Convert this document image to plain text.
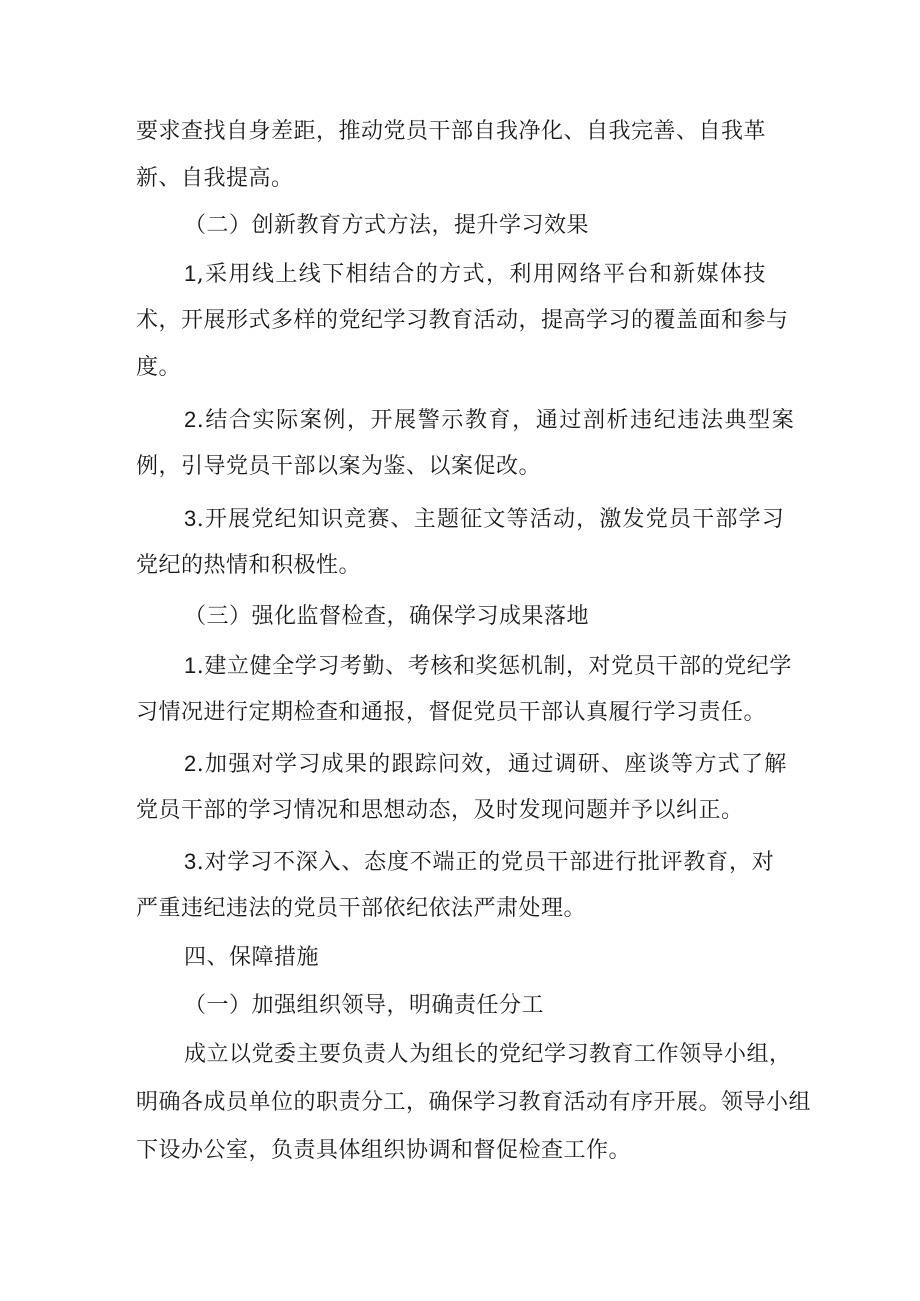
要求查找自身差距，推动党员干部自我净化、自我完善、自我革
新、自我提高。
（二）创新教育方式方法，提升学习效果
1,采用线上线下相结合的方式，利用网络平台和新媒体技
术，开展形式多样的党纪学习教育活动，提高学习的覆盖面和参与
度。
2.结合实际案例，开展警示教育，通过剖析违纪违法典型案
例，引导党员干部以案为鉴、以案促改。
3.开展党纪知识竞赛、主题征文等活动，激发党员干部学习
党纪的热情和积极性。
（三）强化监督检查，确保学习成果落地
1.建立健全学习考勤、考核和奖惩机制，对党员干部的党纪学
习情况进行定期检查和通报，督促党员干部认真履行学习责任。
2.加强对学习成果的跟踪问效，通过调研、座谈等方式了解
党员干部的学习情况和思想动态，及时发现问题并予以纠正。
3.对学习不深入、态度不端正的党员干部进行批评教育，对
严重违纪违法的党员干部依纪依法严肃处理。
四、保障措施
（一）加强组织领导，明确责任分工
成立以党委主要负责人为组长的党纪学习教育工作领导小组，
明确各成员单位的职责分工，确保学习教育活动有序开展。领导小组
下设办公室，负责具体组织协调和督促检查工作。
